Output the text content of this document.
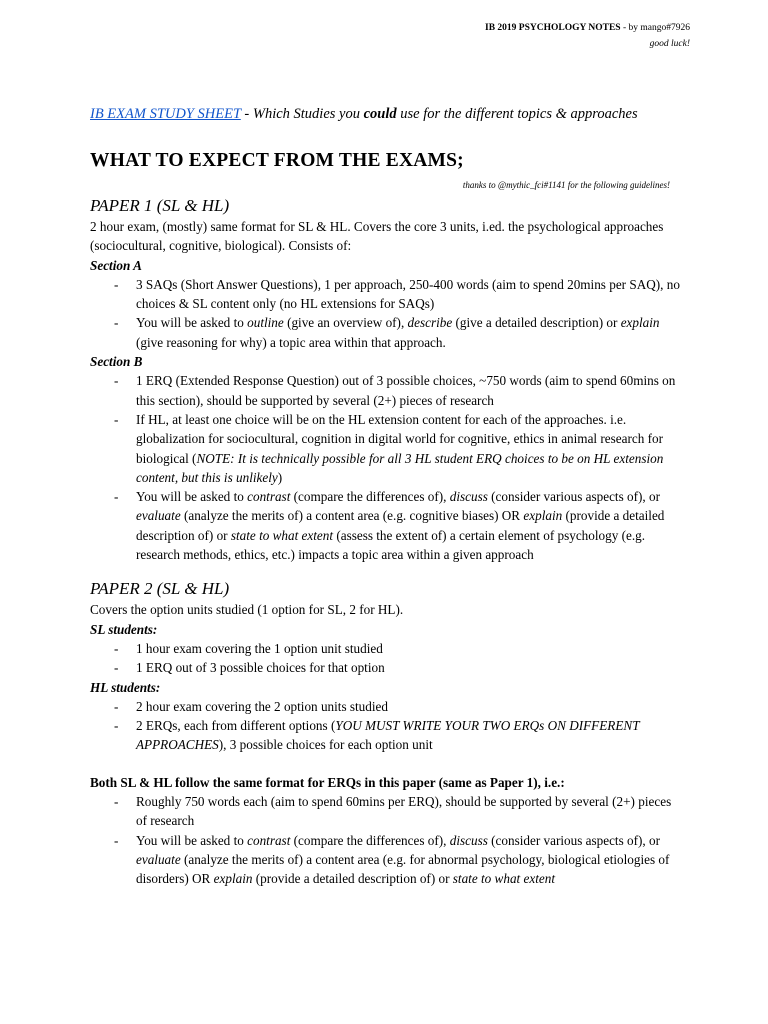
IB 2019 PSYCHOLOGY NOTES - by mango#7926
good luck!
IB EXAM STUDY SHEET - Which Studies you could use for the different topics & approaches
WHAT TO EXPECT FROM THE EXAMS;
thanks to @mythic_fci#1141 for the following guidelines!
PAPER 1 (SL & HL)

2 hour exam, (mostly) same format for SL & HL. Covers the core 3 units, i.ed. the psychological approaches (sociocultural, cognitive, biological). Consists of:

Section A

- 3 SAQs (Short Answer Questions), 1 per approach, 250-400 words (aim to spend 20mins per SAQ), no choices & SL content only (no HL extensions for SAQs)
- You will be asked to outline (give an overview of), describe (give a detailed description) or explain (give reasoning for why) a topic area within that approach.

Section B

- 1 ERQ (Extended Response Question) out of 3 possible choices, ~750 words (aim to spend 60mins on this section), should be supported by several (2+) pieces of research
- If HL, at least one choice will be on the HL extension content for each of the approaches. i.e. globalization for sociocultural, cognition in digital world for cognitive, ethics in animal research for biological (NOTE: It is technically possible for all 3 HL student ERQ choices to be on HL extension content, but this is unlikely)
- You will be asked to contrast (compare the differences of), discuss (consider various aspects of), or evaluate (analyze the merits of) a content area (e.g. cognitive biases) OR explain (provide a detailed description of) or state to what extent (assess the extent of) a certain element of psychology (e.g. research methods, ethics, etc.) impacts a topic area within a given approach
PAPER 2 (SL & HL)

Covers the option units studied (1 option for SL, 2 for HL).

SL students:

- 1 hour exam covering the 1 option unit studied
- 1 ERQ out of 3 possible choices for that option

HL students:

- 2 hour exam covering the 2 option units studied
- 2 ERQs, each from different options (YOU MUST WRITE YOUR TWO ERQs ON DIFFERENT APPROACHES), 3 possible choices for each option unit

Both SL & HL follow the same format for ERQs in this paper (same as Paper 1), i.e.:

- Roughly 750 words each (aim to spend 60mins per ERQ), should be supported by several (2+) pieces of research
- You will be asked to contrast (compare the differences of), discuss (consider various aspects of), or evaluate (analyze the merits of) a content area (e.g. for abnormal psychology, biological etiologies of disorders) OR explain (provide a detailed description of) or state to what extent
